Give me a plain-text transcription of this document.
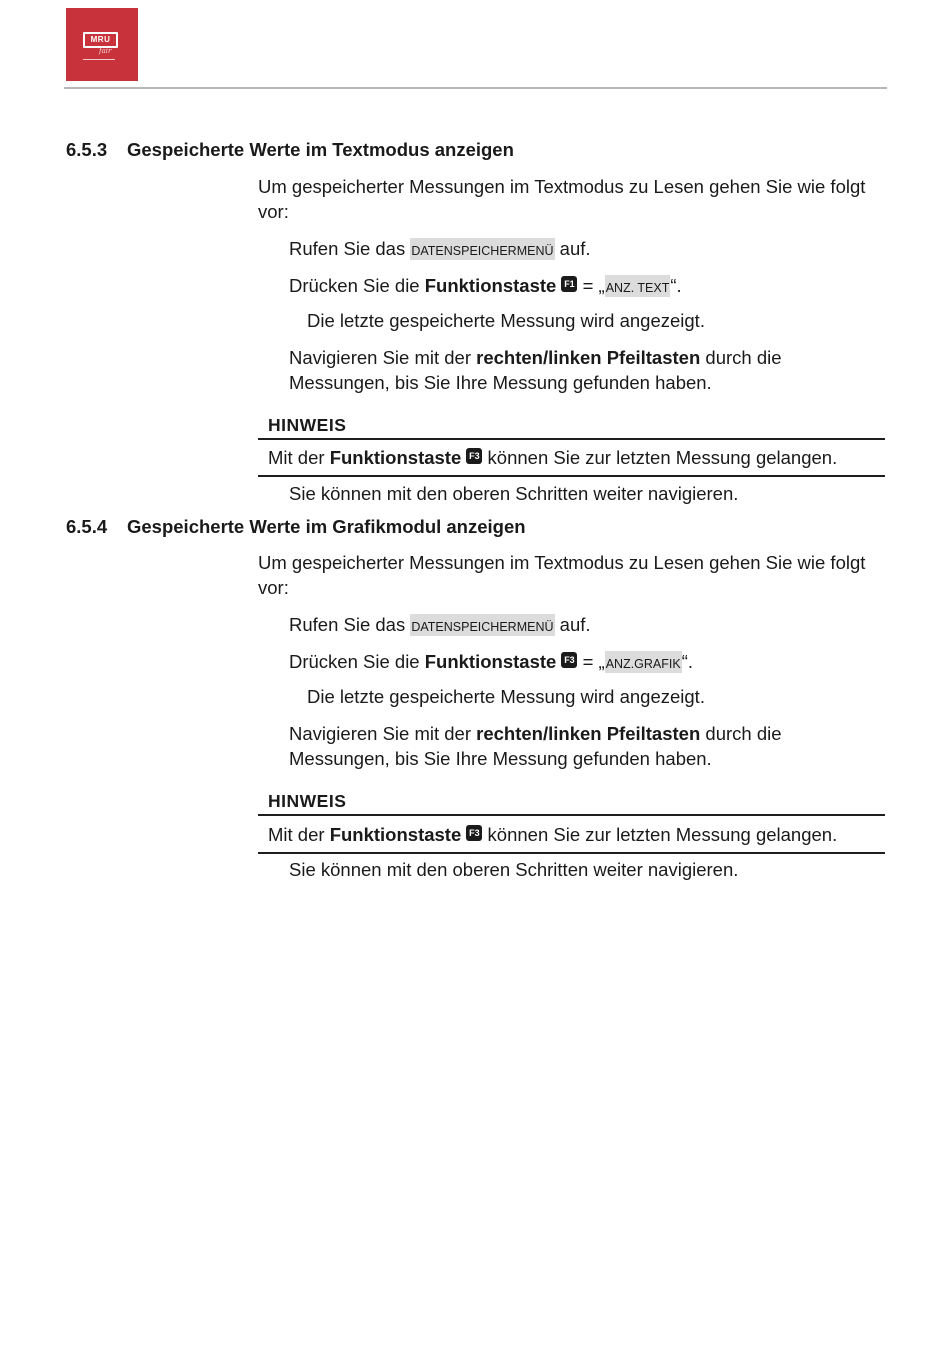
MRU
fair
6.5.3 Gespeicherte Werte im Textmodus anzeigen
Um gespeicherter Messungen im Textmodus zu Lesen gehen Sie wie folgt
vor:
Rufen Sie das DATENSPEICHERMENÜ auf.
Drücken Sie die Funktionstaste F1 = „ANZ. TEXT“.
Die letzte gespeicherte Messung wird angezeigt.
Navigieren Sie mit der rechten/linken Pfeiltasten durch die
Messungen, bis Sie Ihre Messung gefunden haben.
HINWEIS
Mit der Funktionstaste F3 können Sie zur letzten Messung gelangen.
Sie können mit den oberen Schritten weiter navigieren.
6.5.4 Gespeicherte Werte im Grafikmodul anzeigen
Um gespeicherter Messungen im Textmodus zu Lesen gehen Sie wie folgt
vor:
Rufen Sie das DATENSPEICHERMENÜ auf.
Drücken Sie die Funktionstaste F3 = „ANZ.GRAFIK“.
Die letzte gespeicherte Messung wird angezeigt.
Navigieren Sie mit der rechten/linken Pfeiltasten durch die
Messungen, bis Sie Ihre Messung gefunden haben.
HINWEIS
Mit der Funktionstaste F3 können Sie zur letzten Messung gelangen.
Sie können mit den oberen Schritten weiter navigieren.
